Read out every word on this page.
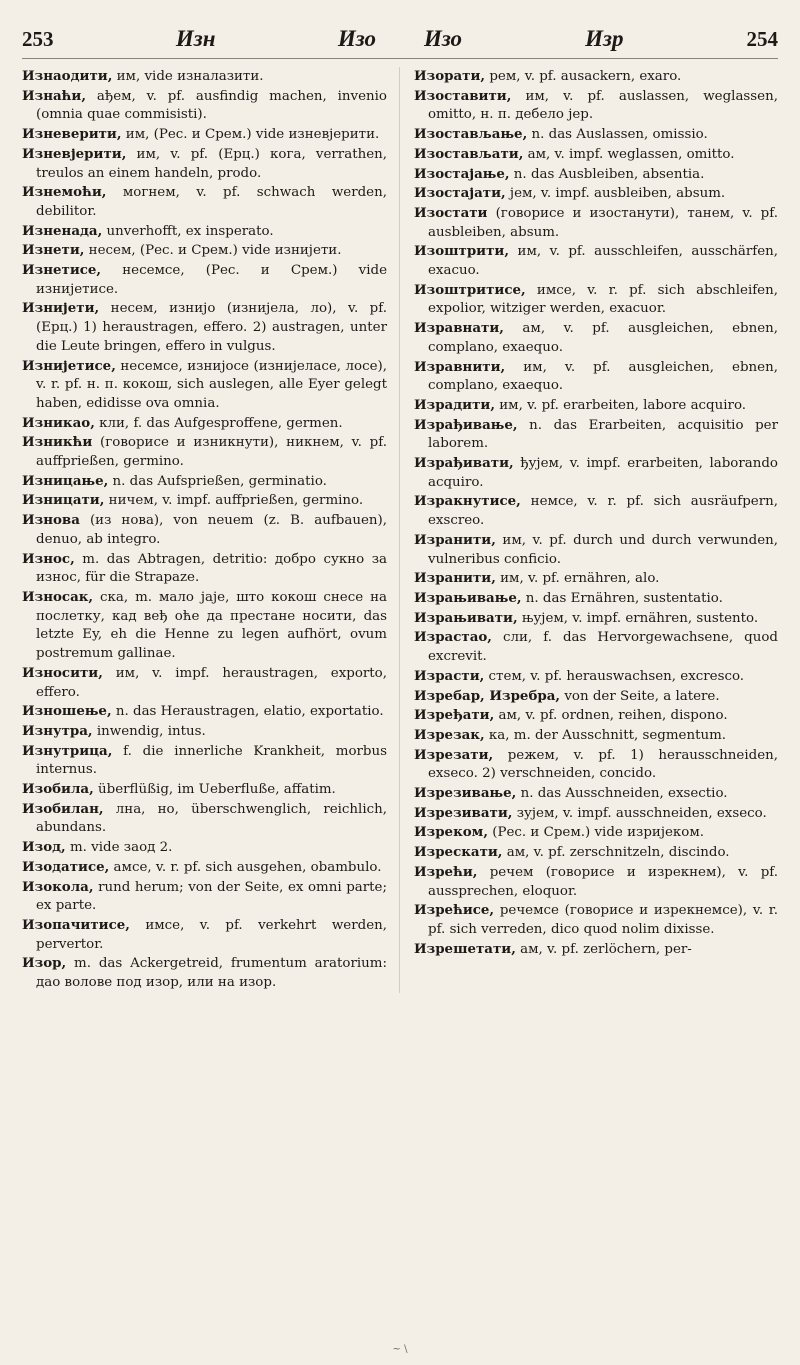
253	Изн	Изо Изо	Изр	254

Изнаодити, им, vide изналазити.

Изнаћи, ађем, v. pf. ausfindig machen, invenio (omnia quae commisisti).

Изневерити, им, (Рес. и Срем.) vide изневјерити.

Изневјерити, им, v. pf. (Ерц.) кога, verrathen, treulos an einem handeln, prodo.

Изнемоћи, могнем, v. pf. schwach werden, debilitor.

Изненада, unverhofft, ex insperato.

Изнети, несем, (Рес. и Срем.) vide изнијети.

Изнетисе, несемсе, (Рес. и Срем.) vide изнијетисе.

Изнијети, несем, изнијо (изнијела, ло), v. pf. (Ерц.) 1) heraustragen, effero. 2) austragen, unter die Leute bringen, effero in vulgus.

Изнијетисе, несемсе, изнијосе (изнијеласе, лосе), v. r. pf. н. п. кокош, sich auslegen, alle Eyer gelegt haben, edidisse ova omnia.

Изникао, кли, f. das Aufgesproffene, germen.

Изникћи (говорисе и изникнути), никнем, v. pf. auffprießen, germino.

Изницање, n. das Aufsprießen, germinatio.

Изницати, ничем, v. impf. auffprießen, germino.

Изнова (из нова), von neuem (z. B. aufbauen), denuo, ab integro.

Износ, m. das Abtragen, detritio: добро сукно за износ, für die Strapaze.

Износак, ска, m. мало јаје, што кокош снесе на послетку, кад веђ оће да престане носити, das letzte Ey, eh die Henne zu legen aufhört, ovum postremum gallinae.

Износити, им, v. impf. heraustragen, exporto, effero.

Изношење, n. das Heraustragen, elatio, exportatio.

Изнутра, inwendig, intus.

Изнутрица, f. die innerliche Krankheit, morbus internus.

Изобила, überflüßig, im Ueberfluße, affatim.

Изобилан, лна, но, überschwenglich, reichlich, abundans.

Изод, m. vide заод 2.

Изодатисе, амсе, v. r. pf. sich ausgehen, obambulo.

Изокола, rund herum; von der Seite, ex omni parte; ex parte.

Изопачитисе, имсе, v. pf. verkehrt werden, pervertor.

Изор, m. das Ackergetreid, frumentum aratorium: дао волове под изор, или на изор.

Изорати, рем, v. pf. ausackern, exaro.

Изоставити, им, v. pf. auslassen, weglassen, omitto, н. п. дебело јер.

Изостављање, n. das Auslassen, omissio.

Изостављати, ам, v. impf. weglassen, omitto.

Изостајање, n. das Ausbleiben, absentia.

Изостајати, јем, v. impf. ausbleiben, absum.

Изостати (говорисе и изостанути), танем, v. pf. ausbleiben, absum.

Изоштрити, им, v. pf. ausschleifen, ausschärfen, exacuo.

Изоштритисе, имсе, v. r. pf. sich abschleifen, expolior, witziger werden, exacuor.

Изравнати, ам, v. pf. ausgleichen, ebnen, complano, exaequo.

Изравнити, им, v. pf. ausgleichen, ebnen, complano, exaequo.

Израдити, им, v. pf. erarbeiten, labore acquiro.

Израђивање, n. das Erarbeiten, acquisitio per laborem.

Израђивати, ђујем, v. impf. erarbeiten, laborando acquiro.

Изракнутисе, немсе, v. r. pf. sich ausräufpern, exscreo.

Изранити, им, v. pf. durch und durch verwunden, vulneribus conficio.

Изранити, им, v. pf. ernähren, alo.

Израњивање, n. das Ernähren, sustentatio.

Израњивати, њујем, v. impf. ernähren, sustento.

Израстао, сли, f. das Hervorgewachsene, quod excrevit.

Израсти, стем, v. pf. herauswachsen, excresco.

Изребар, Изребра, von der Seite, a latere.

Изређати, ам, v. pf. ordnen, reihen, dispono.

Изрезак, ка, m. der Ausschnitt, segmentum.

Изрезати, режем, v. pf. 1) herausschneiden, exseco. 2) verschneiden, concido.

Изрезивање, n. das Ausschneiden, exsectio.

Изрезивати, зујем, v. impf. ausschneiden, exseco.

Изреком, (Рес. и Срем.) vide изријеком.

Изрескати, ам, v. pf. zerschnitzeln, discindo.

Изрећи, речем (говорисе и изрекнем), v. pf. aussprechen, eloquor.

Изрећисе, речемсе (говорисе и изрекнемсе), v. r. pf. sich verreden, dico quod nolim dixisse.

Изрешетати, ам, v. pf. zerlöchern, per-

~ \
